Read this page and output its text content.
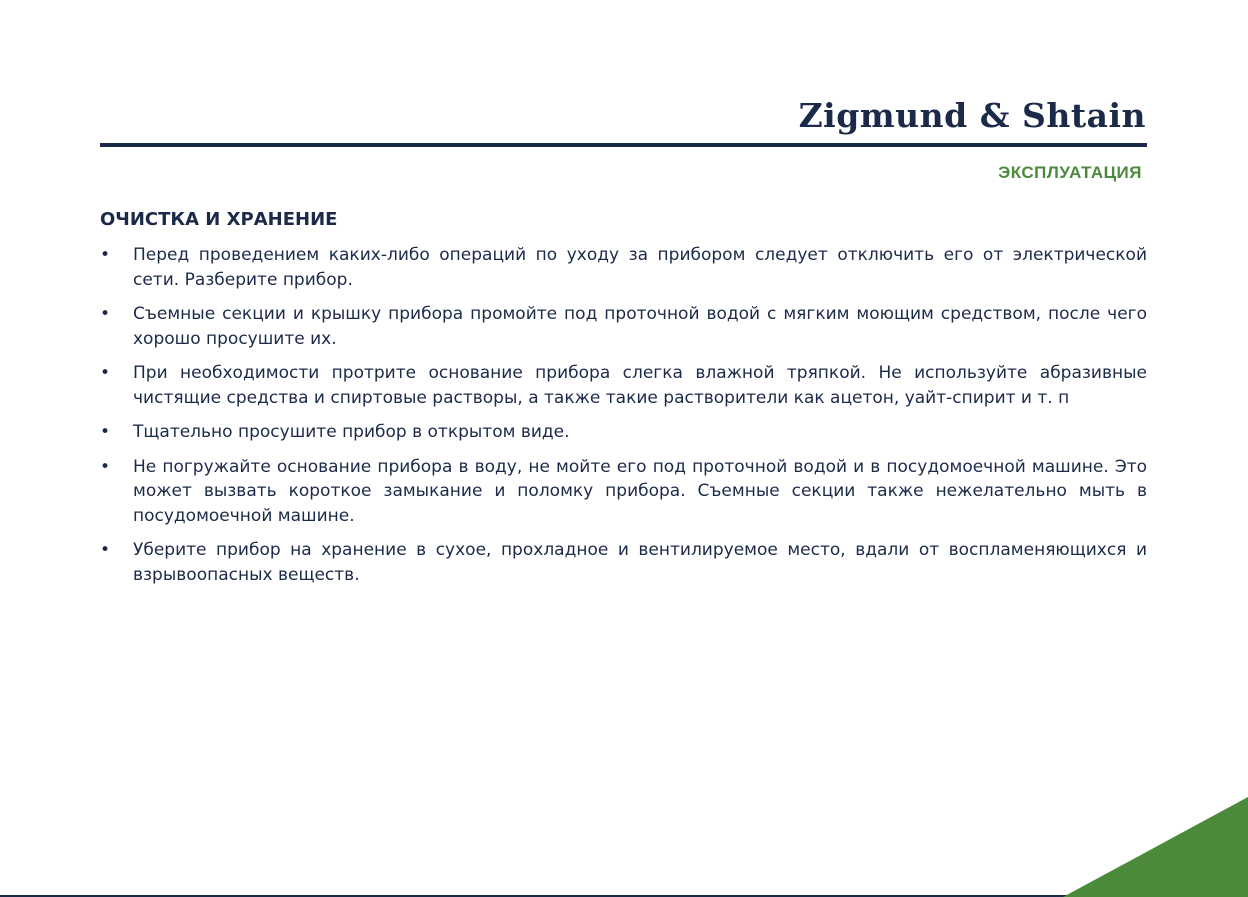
Zigmund & Shtain
ЭКСПЛУАТАЦИЯ
ОЧИСТКА И ХРАНЕНИЕ
• Перед проведением каких-либо операций по уходу за прибором следует отключить его от электрической сети. Разберите прибор.
• Съемные секции и крышку прибора промойте под проточной водой с мягким моющим средством, после чего хорошо просушите их.
• При необходимости протрите основание прибора слегка влажной тряпкой. Не используйте абразивные чистящие средства и спиртовые растворы, а также такие растворители как ацетон, уайт-спирит и т. п
• Тщательно просушите прибор в открытом виде.
• Не погружайте основание прибора в воду, не мойте его под проточной водой и в посудомоечной машине. Это может вызвать короткое замыкание и поломку прибора. Съемные секции также нежелательно мыть в посудомоечной машине.
• Уберите прибор на хранение в сухое, прохладное и вентилируемое место, вдали от воспламеняющихся и взрывоопасных веществ.
